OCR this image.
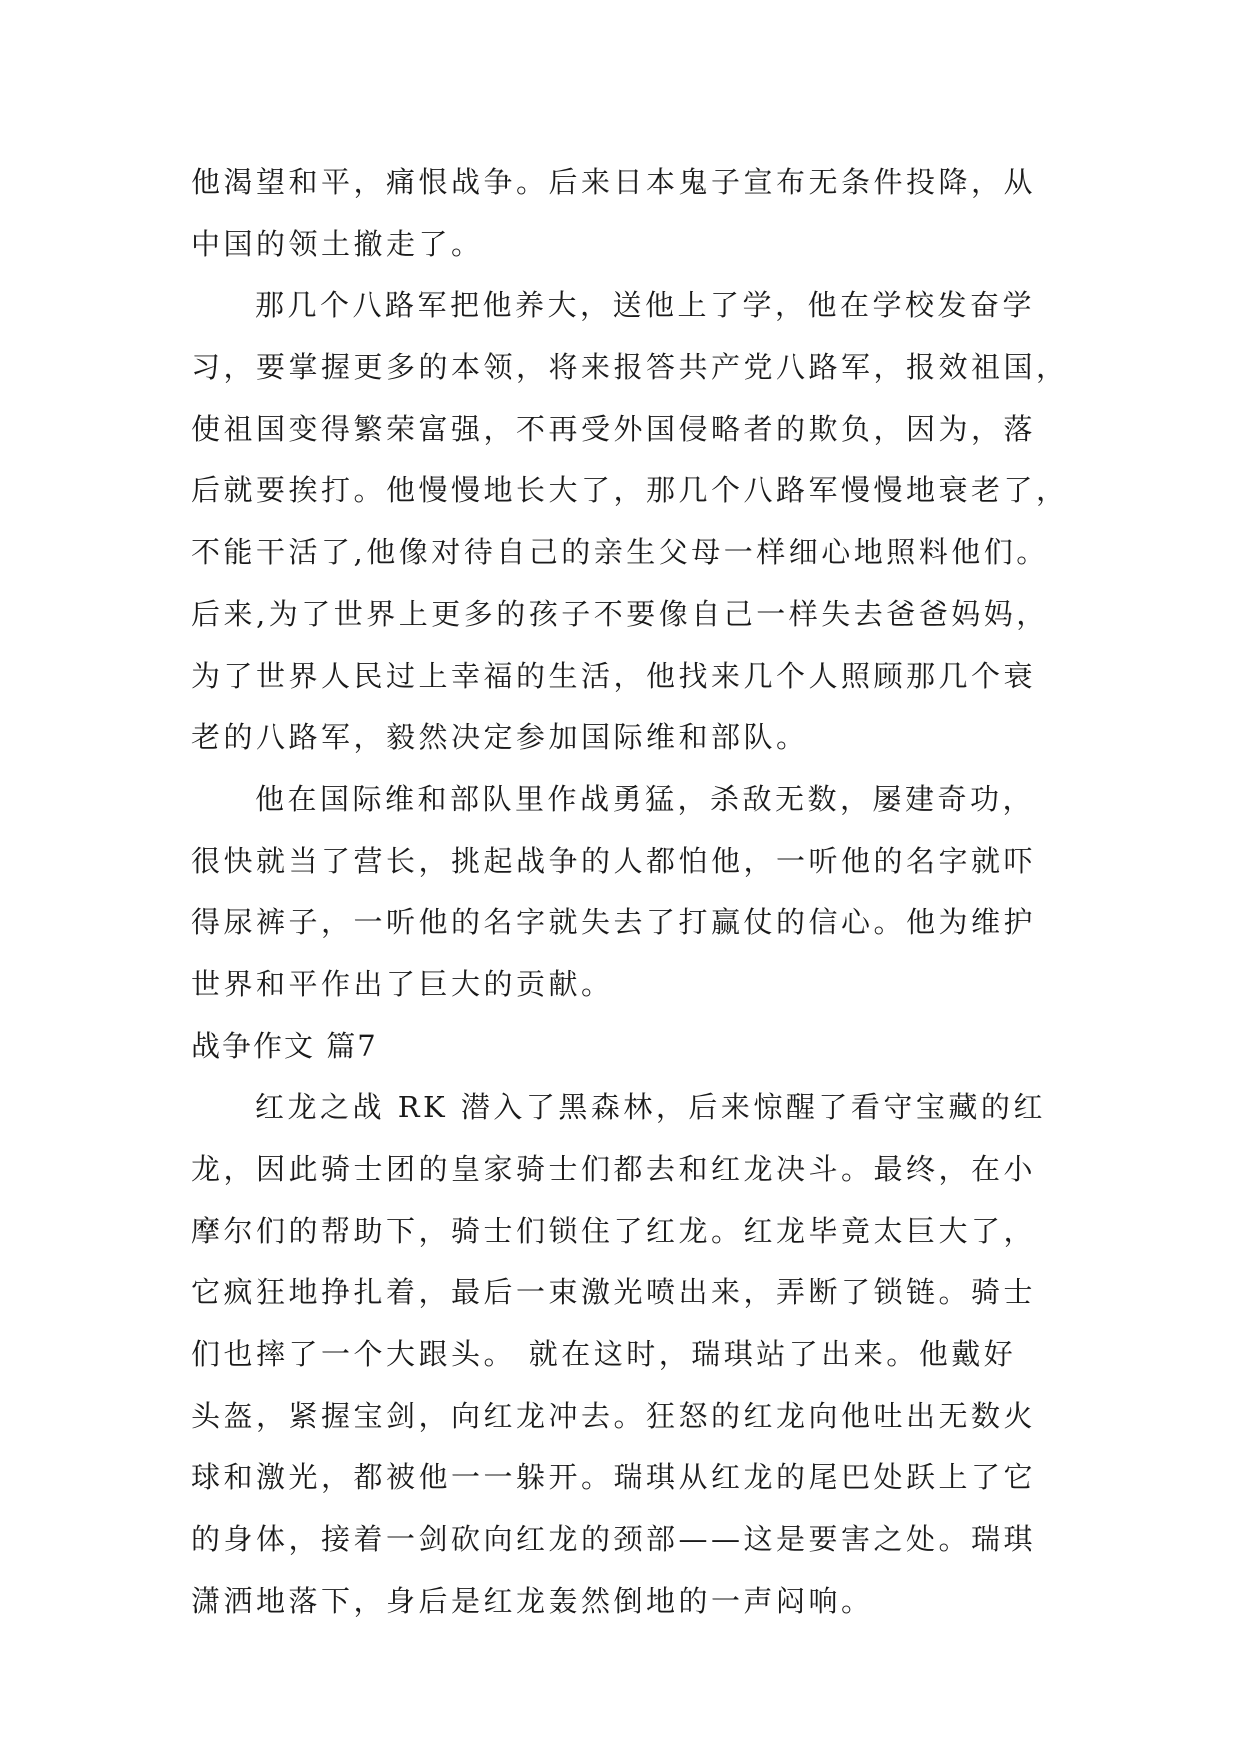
他渴望和平，痛恨战争。后来日本鬼子宣布无条件投降，从
中国的领土撤走了。
那几个八路军把他养大，送他上了学，他在学校发奋学
习，要掌握更多的本领，将来报答共产党八路军，报效祖国，
使祖国变得繁荣富强，不再受外国侵略者的欺负，因为，落
后就要挨打。他慢慢地长大了，那几个八路军慢慢地衰老了，
不能干活了,他像对待自己的亲生父母一样细心地照料他们。
后来,为了世界上更多的孩子不要像自己一样失去爸爸妈妈，
为了世界人民过上幸福的生活，他找来几个人照顾那几个衰
老的八路军，毅然决定参加国际维和部队。
他在国际维和部队里作战勇猛，杀敌无数，屡建奇功，
很快就当了营长，挑起战争的人都怕他，一听他的名字就吓
得尿裤子，一听他的名字就失去了打赢仗的信心。他为维护
世界和平作出了巨大的贡献。
战争作文 篇7
红龙之战 RK 潜入了黑森林，后来惊醒了看守宝藏的红
龙，因此骑士团的皇家骑士们都去和红龙决斗。最终，在小
摩尔们的帮助下，骑士们锁住了红龙。红龙毕竟太巨大了，
它疯狂地挣扎着，最后一束激光喷出来，弄断了锁链。骑士
们也摔了一个大跟头。 就在这时，瑞琪站了出来。他戴好
头盔，紧握宝剑，向红龙冲去。狂怒的红龙向他吐出无数火
球和激光，都被他一一躲开。瑞琪从红龙的尾巴处跃上了它
的身体，接着一剑砍向红龙的颈部——这是要害之处。瑞琪
潇洒地落下，身后是红龙轰然倒地的一声闷响。
